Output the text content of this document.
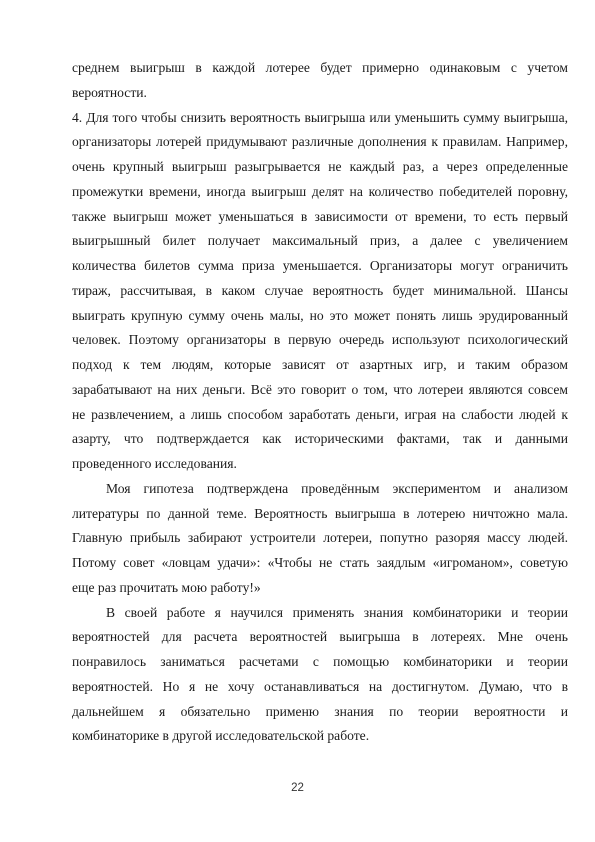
среднем выигрыш в каждой лотерее будет примерно одинаковым с учетом
вероятности.
4. Для того чтобы снизить вероятность выигрыша или уменьшить сумму выигрыша,
организаторы лотерей придумывают различные дополнения к правилам. Например,
очень крупный выигрыш разыгрывается не каждый раз, а через определенные
промежутки времени, иногда выигрыш делят на количество победителей поровну,
также выигрыш может уменьшаться в зависимости от времени, то есть первый
выигрышный билет получает максимальный приз, а далее с увеличением
количества билетов сумма приза уменьшается. Организаторы могут ограничить
тираж, рассчитывая, в каком случае вероятность будет минимальной. Шансы
выиграть крупную сумму очень малы, но это может понять лишь эрудированный
человек. Поэтому организаторы в первую очередь используют психологический
подход к тем людям, которые зависят от азартных игр, и таким образом
зарабатывают на них деньги. Всё это говорит о том, что лотереи являются совсем
не развлечением, а лишь способом заработать деньги, играя на слабости людей к
азарту, что подтверждается как историческими фактами, так и данными
проведенного исследования.
Моя гипотеза подтверждена проведённым экспериментом и анализом
литературы по данной теме. Вероятность выигрыша в лотерею ничтожно мала.
Главную прибыль забирают устроители лотереи, попутно разоряя массу людей.
Потому совет «ловцам удачи»: «Чтобы не стать заядлым «игроманом», советую
еще раз прочитать мою работу!»
В своей работе я научился применять знания комбинаторики и теории
вероятностей для расчета вероятностей выигрыша в лотереях. Мне очень
понравилось заниматься расчетами с помощью комбинаторики и теории
вероятностей. Но я не хочу останавливаться на достигнутом. Думаю, что в
дальнейшем я обязательно применю знания по теории вероятности и
комбинаторике в другой исследовательской работе.
22
